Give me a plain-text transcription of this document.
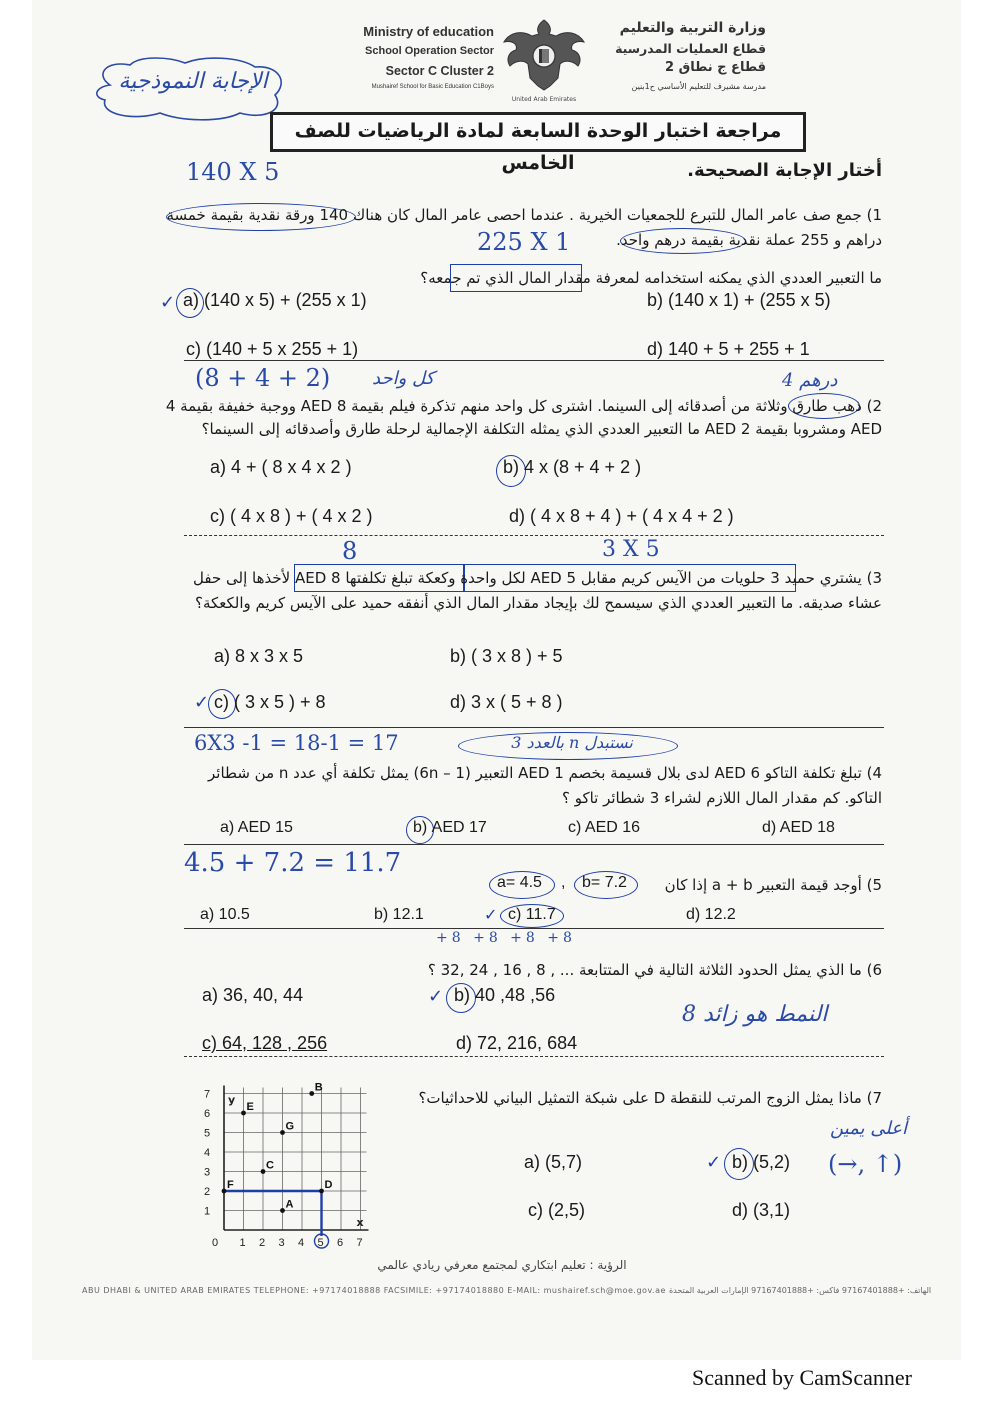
الإجابة النموذجية
Ministry of education
School Operation Sector
Sector C Cluster 2
Mushairef School for Basic Education C1Boys
United Arab Emirates
وزارة التربية والتعليم
قطاع العمليات المدرسية
قطاع ج نطاق 2
مدرسة مشيرف للتعليم الأساسي ح1بنين
مراجعة اختبار الوحدة السابعة لمادة الرياضيات للصف الخامس
140 X 5	أختار الإجابة الصحيحة.
1) جمع صف عامر المال للتبرع للجمعيات الخيرية . عندما احصى عامر المال كان هناك 140 ورقة نقدية بقيمة خمسة
225 X 1	دراهم و 255 عملة نقدية بقيمة درهم واحد.
ما التعبير العددي الذي يمكنه استخدامه لمعرفة مقدار المال الذي تم جمعه؟
✓ a) (140 x 5) + (255 x 1)	b) (140 x 1) + (255 x 5)
c) (140 + 5 x 255 + 1)	d) 140 + 5 + 255 + 1
(8 + 4 + 2) كل واحد	درهم 4
2) ذهب طارق وثلاثة من أصدقائه إلى السينما. اشترى كل واحد منهم تذكرة فيلم بقيمة AED 8 ووجبة خفيفة بقيمة 4
AED ومشروبا بقيمة AED 2 ما التعبير العددي الذي يمثله التكلفة الإجمالية لرحلة طارق وأصدقائه إلى السينما؟
a) 4 + ( 8 x 4 x 2 )	b) 4 x (8 + 4 + 2 )
c) ( 4 x 8 ) + ( 4 x 2 )	d) ( 4 x 8 + 4 ) + ( 4 x 4 + 2 )
8	3 X 5
3) يشتري حميد 3 حلويات من الآيس كريم مقابل AED 5 لكل واحدة وكعكة تبلغ تكلفتها AED 8 لأخذها إلى حفل
عشاء صديقه. ما التعبير العددي الذي سيسمح لك بإيجاد مقدار المال الذي أنفقه حميد على الآيس كريم والكعكة؟
a) 8 x 3 x 5	b) ( 3 x 8 ) + 5
✓ c) ( 3 x 5 ) + 8	d) 3 x ( 5 + 8 )
6X3 -1 = 18-1 = 17	نستبدل n بالعدد 3
4) تبلغ تكلفة التاكو AED 6 لدى بلال قسيمة بخصم AED 1 التعبير (6n – 1) يمثل تكلفة أي عدد n من شطائر
التاكو. كم مقدار المال اللازم لشراء 3 شطائر تاكو ؟
a) AED 15	b) AED 17	c) AED 16	d) AED 18
4.5 + 7.2 = 11.7
5) أوجد قيمة التعبير a + b إذا كان
b= 7.2
,
a= 4.5
a) 10.5	b) 12.1	✓ c) 11.7	d) 12.2
+8 +8 +8 +8
6) ما الذي يمثل الحدود الثلاثة التالية في المتتابعة ... , 8 , 16 , 24 ,32 ؟
a) 36, 40, 44	✓ b) 40 ,48 ,56
النمط هو زائد 8
c) 64, 128 , 256	d) 72, 216, 684
0 1 2 3 4 5 6 7
1
2
3
4
5
6
7
x
y
A
B
C
D
E
F
G
7) ماذا يمثل الزوج المرتب للنقطة D على شبكة التمثيل البياني للاحداثيات؟
أعلى يمين
(→, ↑)
a) (5,7)	✓ b) (5,2)
c) (2,5)	d) (3,1)
الرؤية : تعليم ابتكاري لمجتمع معرفي ريادي عالمي
ABU DHABI & UNITED ARAB EMIRATES TELEPHONE: +97174018888 FACSIMILE: +97174018880 E-MAIL: mushairef.sch@moe.gov.ae الهاتف: +97167401888 فاكس: +97167401888 الإمارات العربية المتحدة
Scanned by CamScanner
